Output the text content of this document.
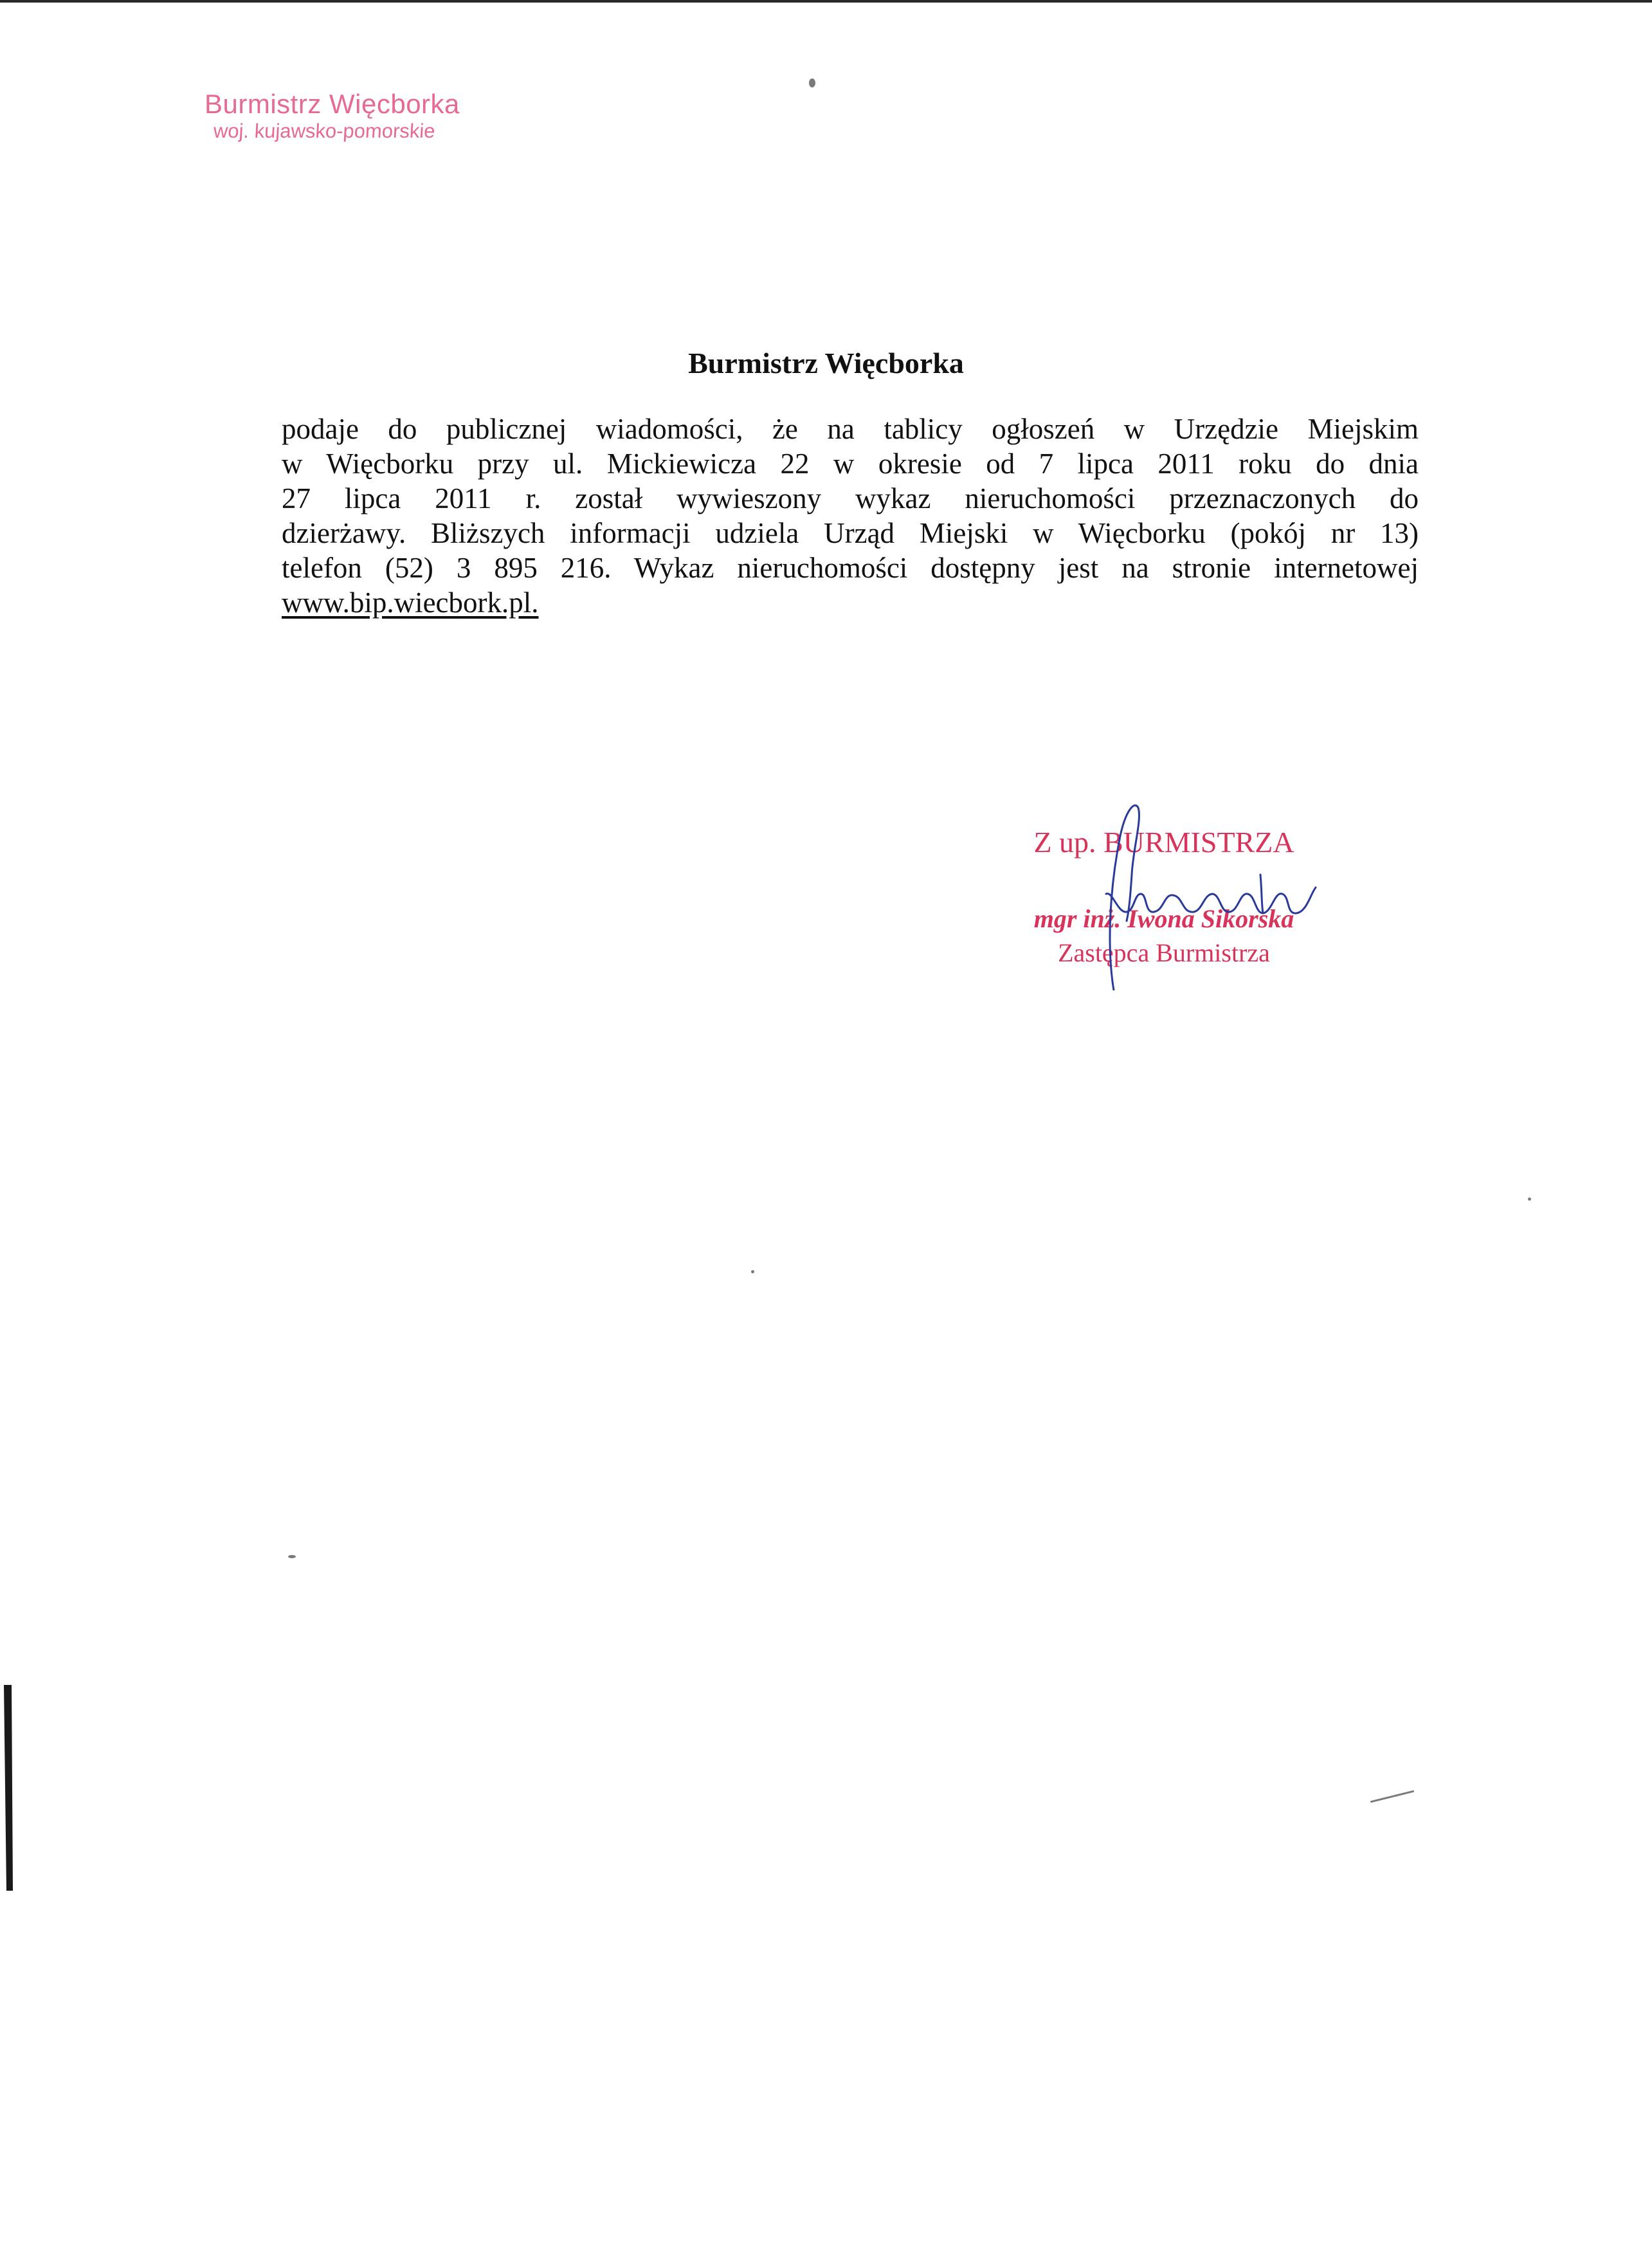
Burmistrz Więcborka
woj. kujawsko-pomorskie
Burmistrz Więcborka
podaje do publicznej wiadomości, że na tablicy ogłoszeń w Urzędzie Miejskim
w Więcborku przy ul. Mickiewicza 22 w okresie od 7 lipca 2011 roku do dnia
27 lipca 2011 r. został wywieszony wykaz nieruchomości przeznaczonych do
dzierżawy. Bliższych informacji udziela Urząd Miejski w Więcborku (pokój nr 13)
telefon (52) 3 895 216. Wykaz nieruchomości dostępny jest na stronie internetowej
www.bip.wiecbork.pl.
Z up. BURMISTRZA
mgr inż. Iwona Sikorska
Zastępca Burmistrza
